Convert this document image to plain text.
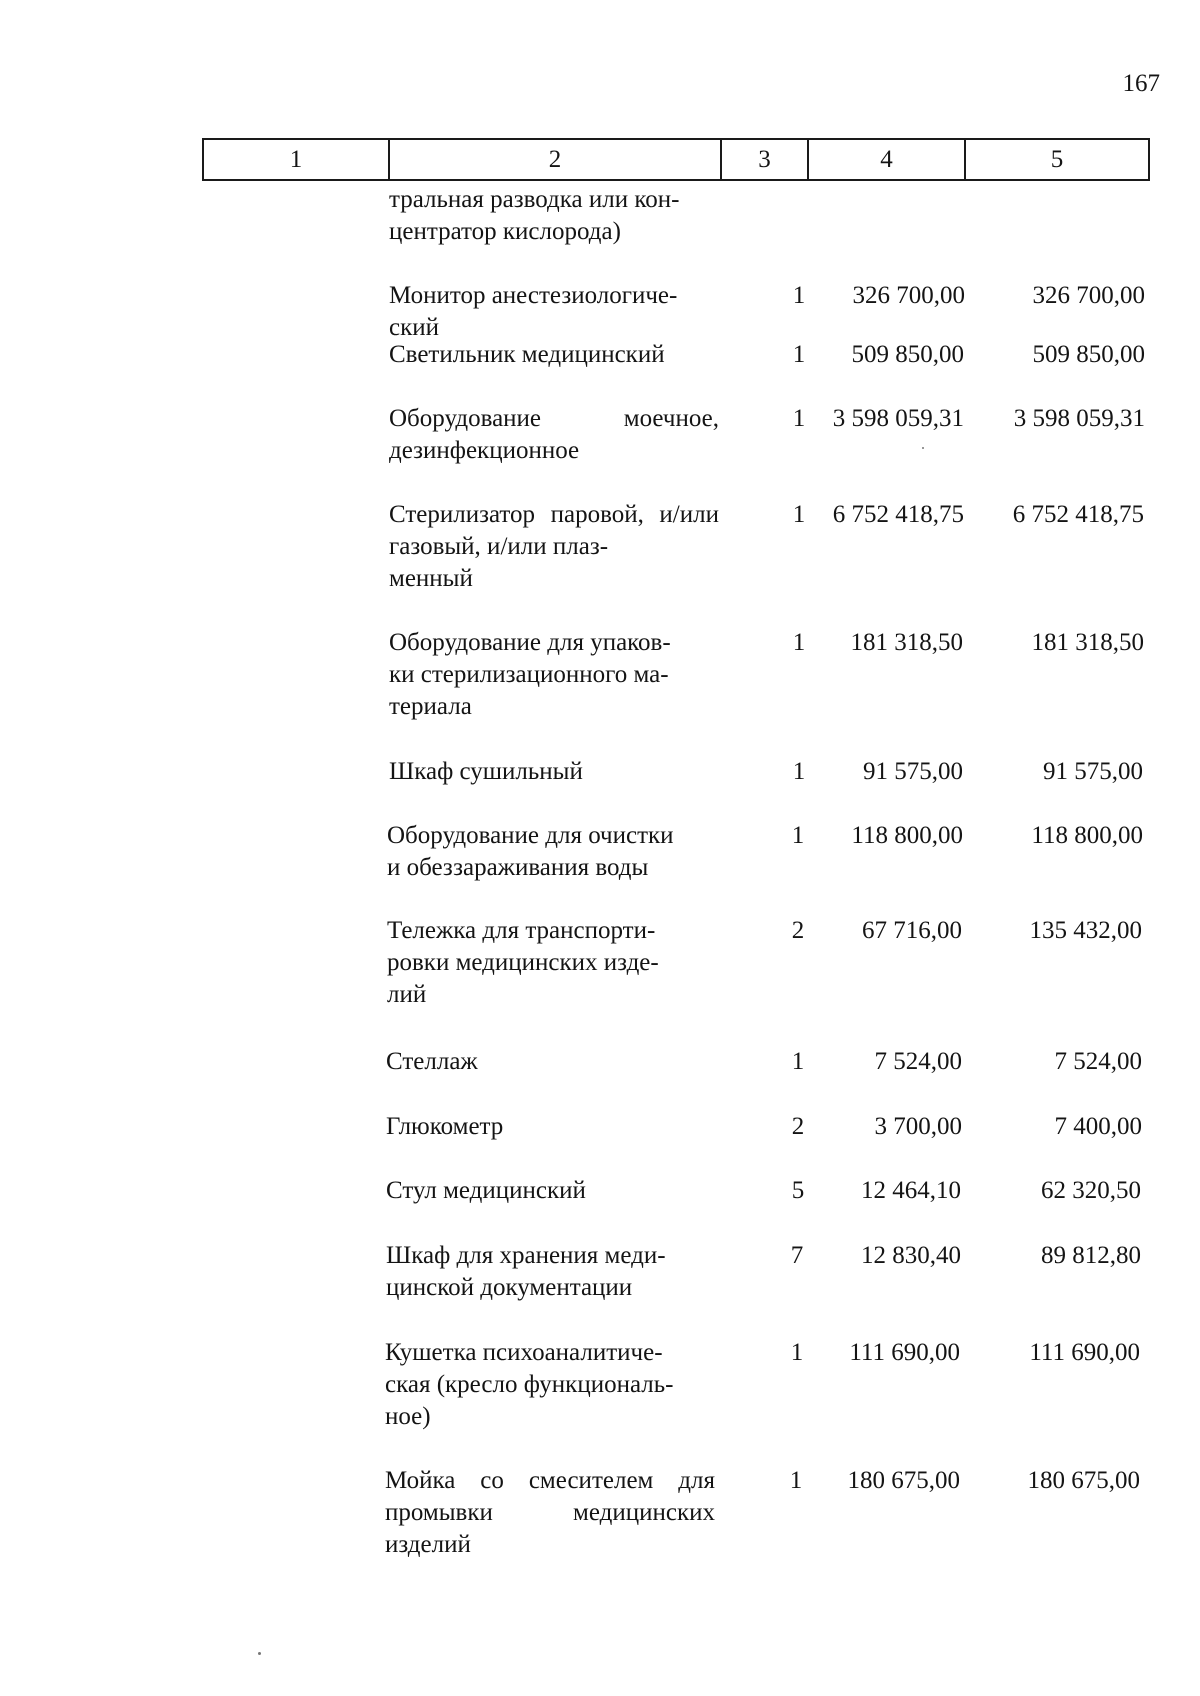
167
1	2	3	4	5
тральная разводка или кон-
центратор кислорода)
Монитор анестезиологиче-
ский
1	326 700,00	326 700,00
Светильник медицинский	1	509 850,00	509 850,00
Оборудование моечное, дезинфекционное
1	3 598 059,31	3 598 059,31
Стерилизатор паровой, и/или газовый, и/или плаз-
менный
1	6 752 418,75	6 752 418,75
Оборудование для упаков-
ки стерилизационного ма-
териала
1	181 318,50	181 318,50
Шкаф сушильный	1	91 575,00	91 575,00
Оборудование для очистки
и обеззараживания воды
1	118 800,00	118 800,00
Тележка для транспорти-
ровки медицинских изде-
лий
2	67 716,00	135 432,00
Стеллаж	1	7 524,00	7 524,00
Глюкометр	2	3 700,00	7 400,00
Стул медицинский	5	12 464,10	62 320,50
Шкаф для хранения меди-
цинской документации
7	12 830,40	89 812,80
Кушетка психоаналитиче-
ская (кресло функциональ-
ное)
1	111 690,00	111 690,00
Мойка со смесителем для промывки медицинских изделий
1	180 675,00	180 675,00
